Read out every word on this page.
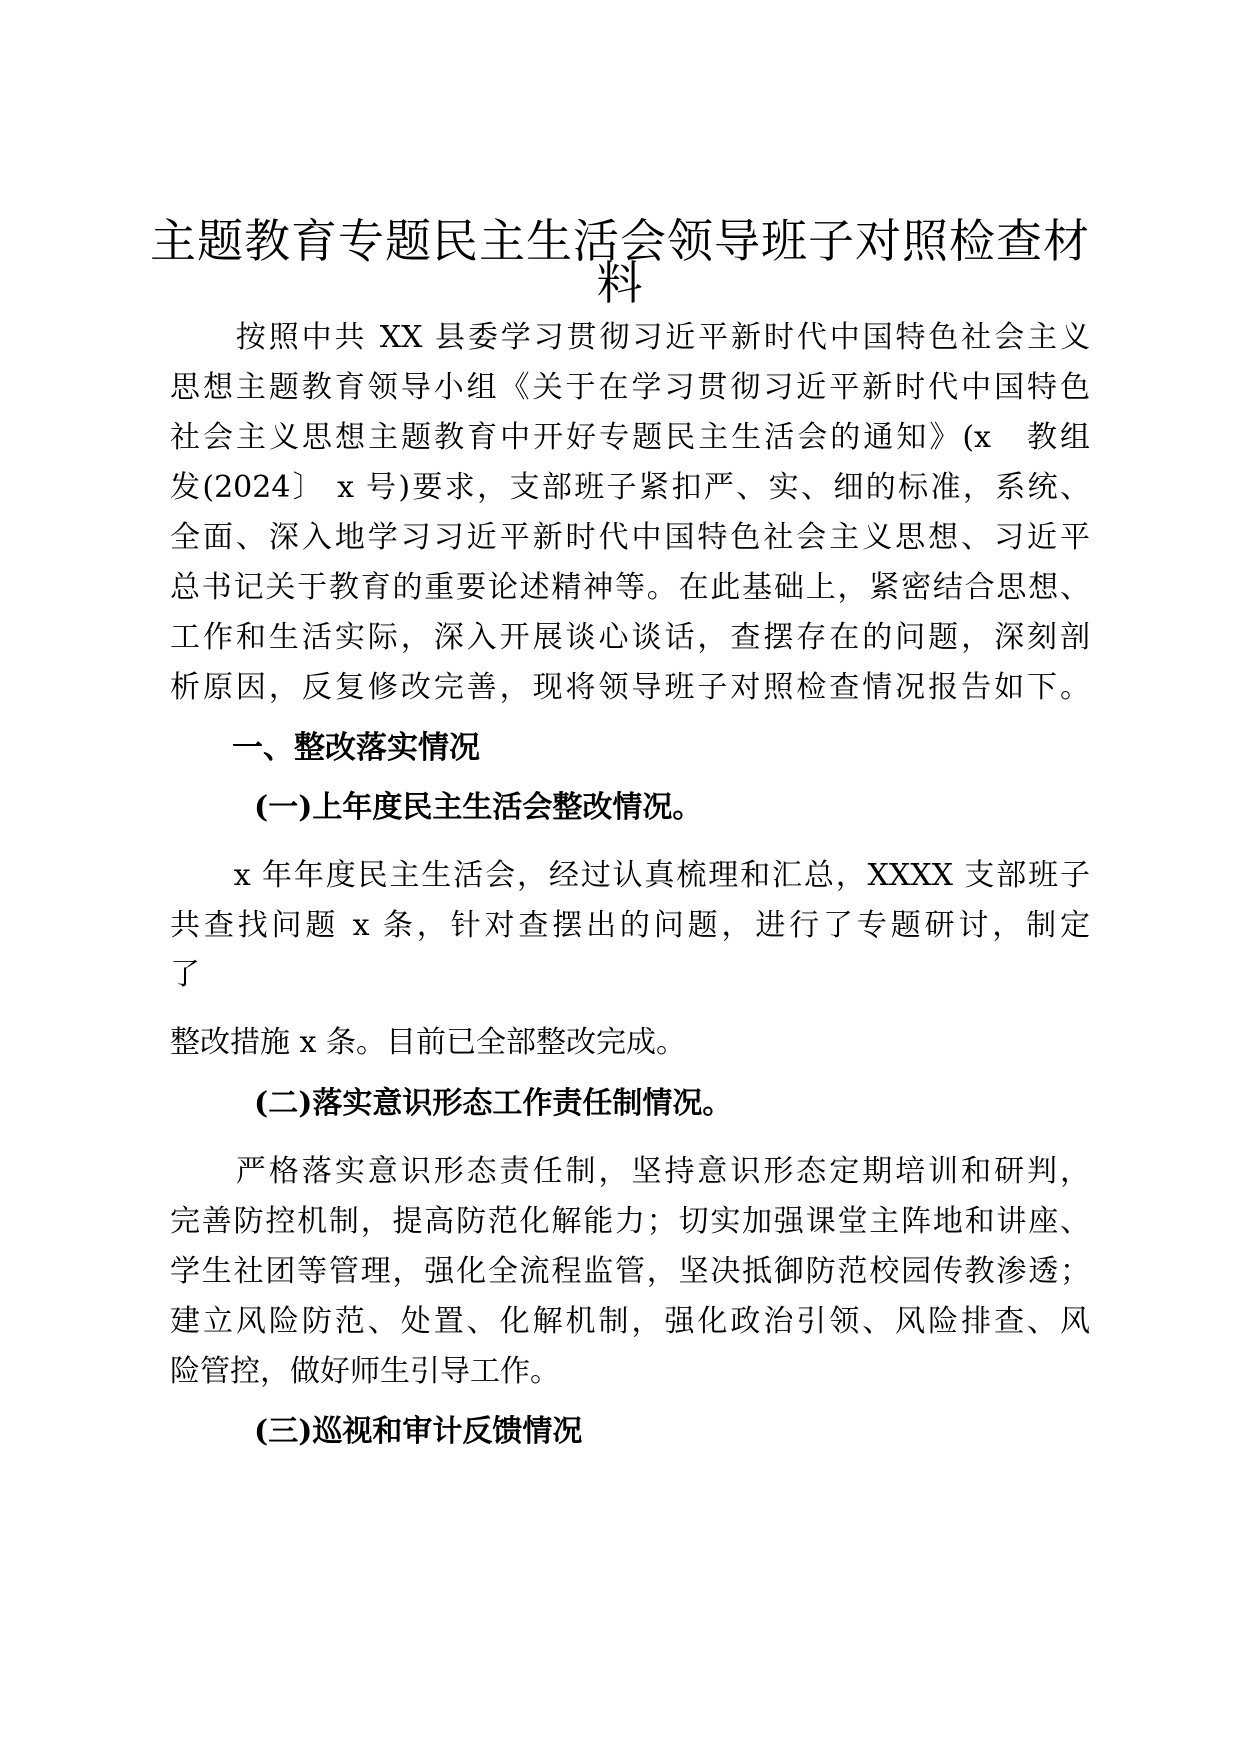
主题教育专题民主生活会领导班子对照检查材
料
　　按照中共 XX 县委学习贯彻习近平新时代中国特色社会主义
思想主题教育领导小组《关于在学习贯彻习近平新时代中国特色
社会主义思想主题教育中开好专题民主生活会的通知》(x　教组
发(2024〕 x 号)要求，支部班子紧扣严、实、细的标准，系统、
全面、深入地学习习近平新时代中国特色社会主义思想、习近平
总书记关于教育的重要论述精神等。在此基础上，紧密结合思想、
工作和生活实际，深入开展谈心谈话，查摆存在的问题，深刻剖
析原因，反复修改完善，现将领导班子对照检查情况报告如下。
一、整改落实情况
(一)上年度民主生活会整改情况。
　　x 年年度民主生活会，经过认真梳理和汇总，XXXX 支部班子
共查找问题 x 条，针对查摆出的问题，进行了专题研讨，制定
了
整改措施 x 条。目前已全部整改完成。
(二)落实意识形态工作责任制情况。
　　严格落实意识形态责任制，坚持意识形态定期培训和研判，
完善防控机制，提高防范化解能力；切实加强课堂主阵地和讲座、
学生社团等管理，强化全流程监管，坚决抵御防范校园传教渗透；
建立风险防范、处置、化解机制，强化政治引领、风险排查、风
险管控，做好师生引导工作。
(三)巡视和审计反馈情况
